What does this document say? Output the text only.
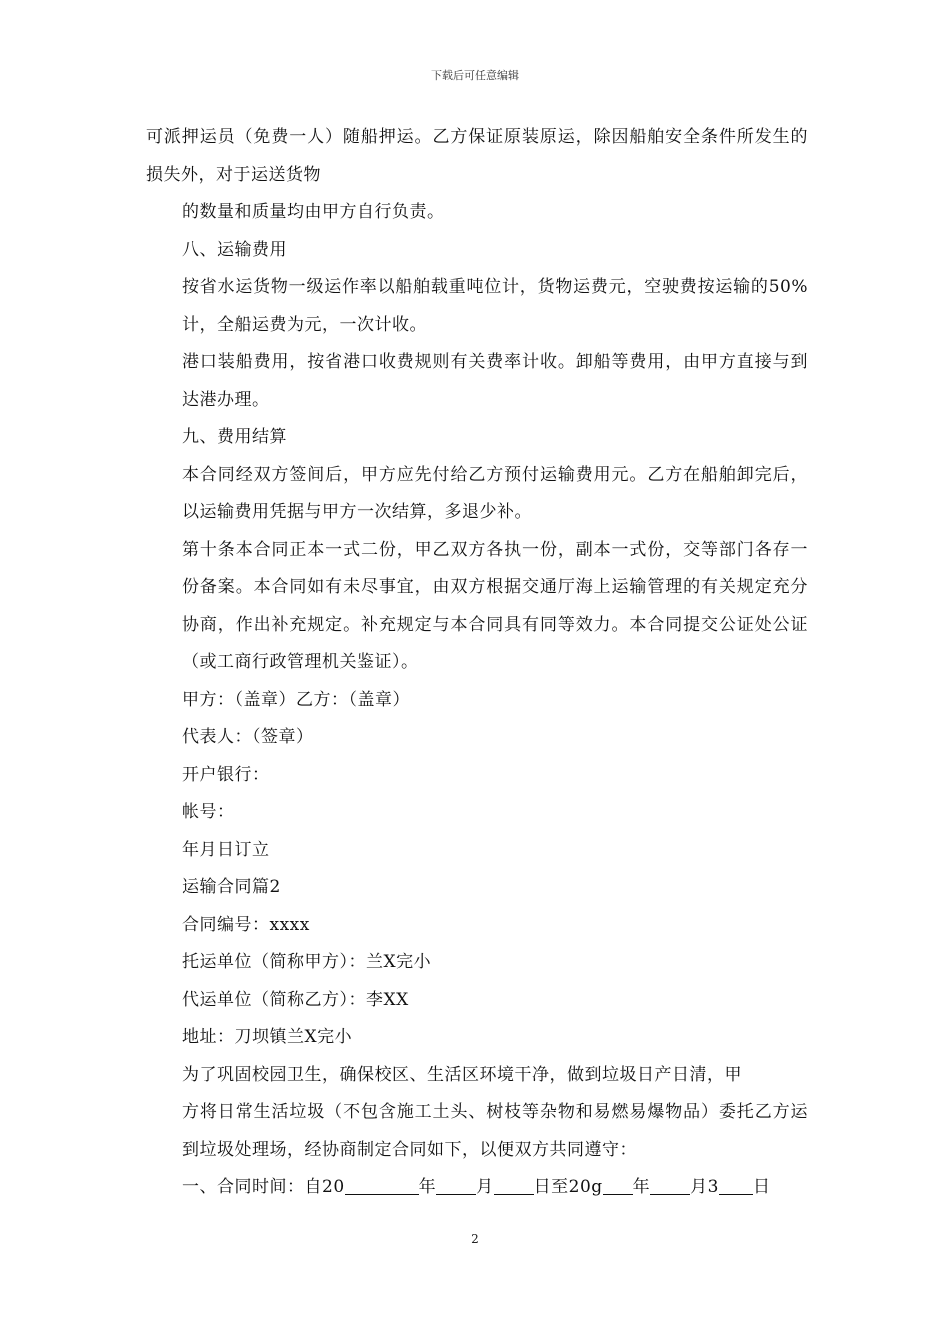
下载后可任意编辑

可派押运员（免费一人）随船押运。乙方保证原装原运，除因船舶安全条件所发生的损失外，对于运送货物

的数量和质量均由甲方自行负责。

八、运输费用

按省水运货物一级运作率以船舶载重吨位计，货物运费元，空驶费按运输的50%计，全船运费为元，一次计收。

港口装船费用，按省港口收费规则有关费率计收。卸船等费用，由甲方直接与到达港办理。

九、费用结算

本合同经双方签间后，甲方应先付给乙方预付运输费用元。乙方在船舶卸完后，以运输费用凭据与甲方一次结算，多退少补。

第十条本合同正本一式二份，甲乙双方各执一份，副本一式份，交等部门各存一份备案。本合同如有未尽事宜，由双方根据交通厅海上运输管理的有关规定充分协商，作出补充规定。补充规定与本合同具有同等效力。本合同提交公证处公证（或工商行政管理机关鉴证）。

甲方：（盖章）乙方：（盖章）

代表人：（签章）

开户银行：

帐号：

年月日订立

运输合同篇2

合同编号：xxxx

托运单位（简称甲方）：兰X完小

代运单位（简称乙方）：李XX

地址：刀坝镇兰X完小

为了巩固校园卫生，确保校区、生活区环境干净，做到垃圾日产日清，甲

方将日常生活垃圾（不包含施工土头、树枝等杂物和易燃易爆物品）委托乙方运到垃圾处理场，经协商制定合同如下，以便双方共同遵守：

一、合同时间：自20	年 月 日至20g 年 月3 日

2
